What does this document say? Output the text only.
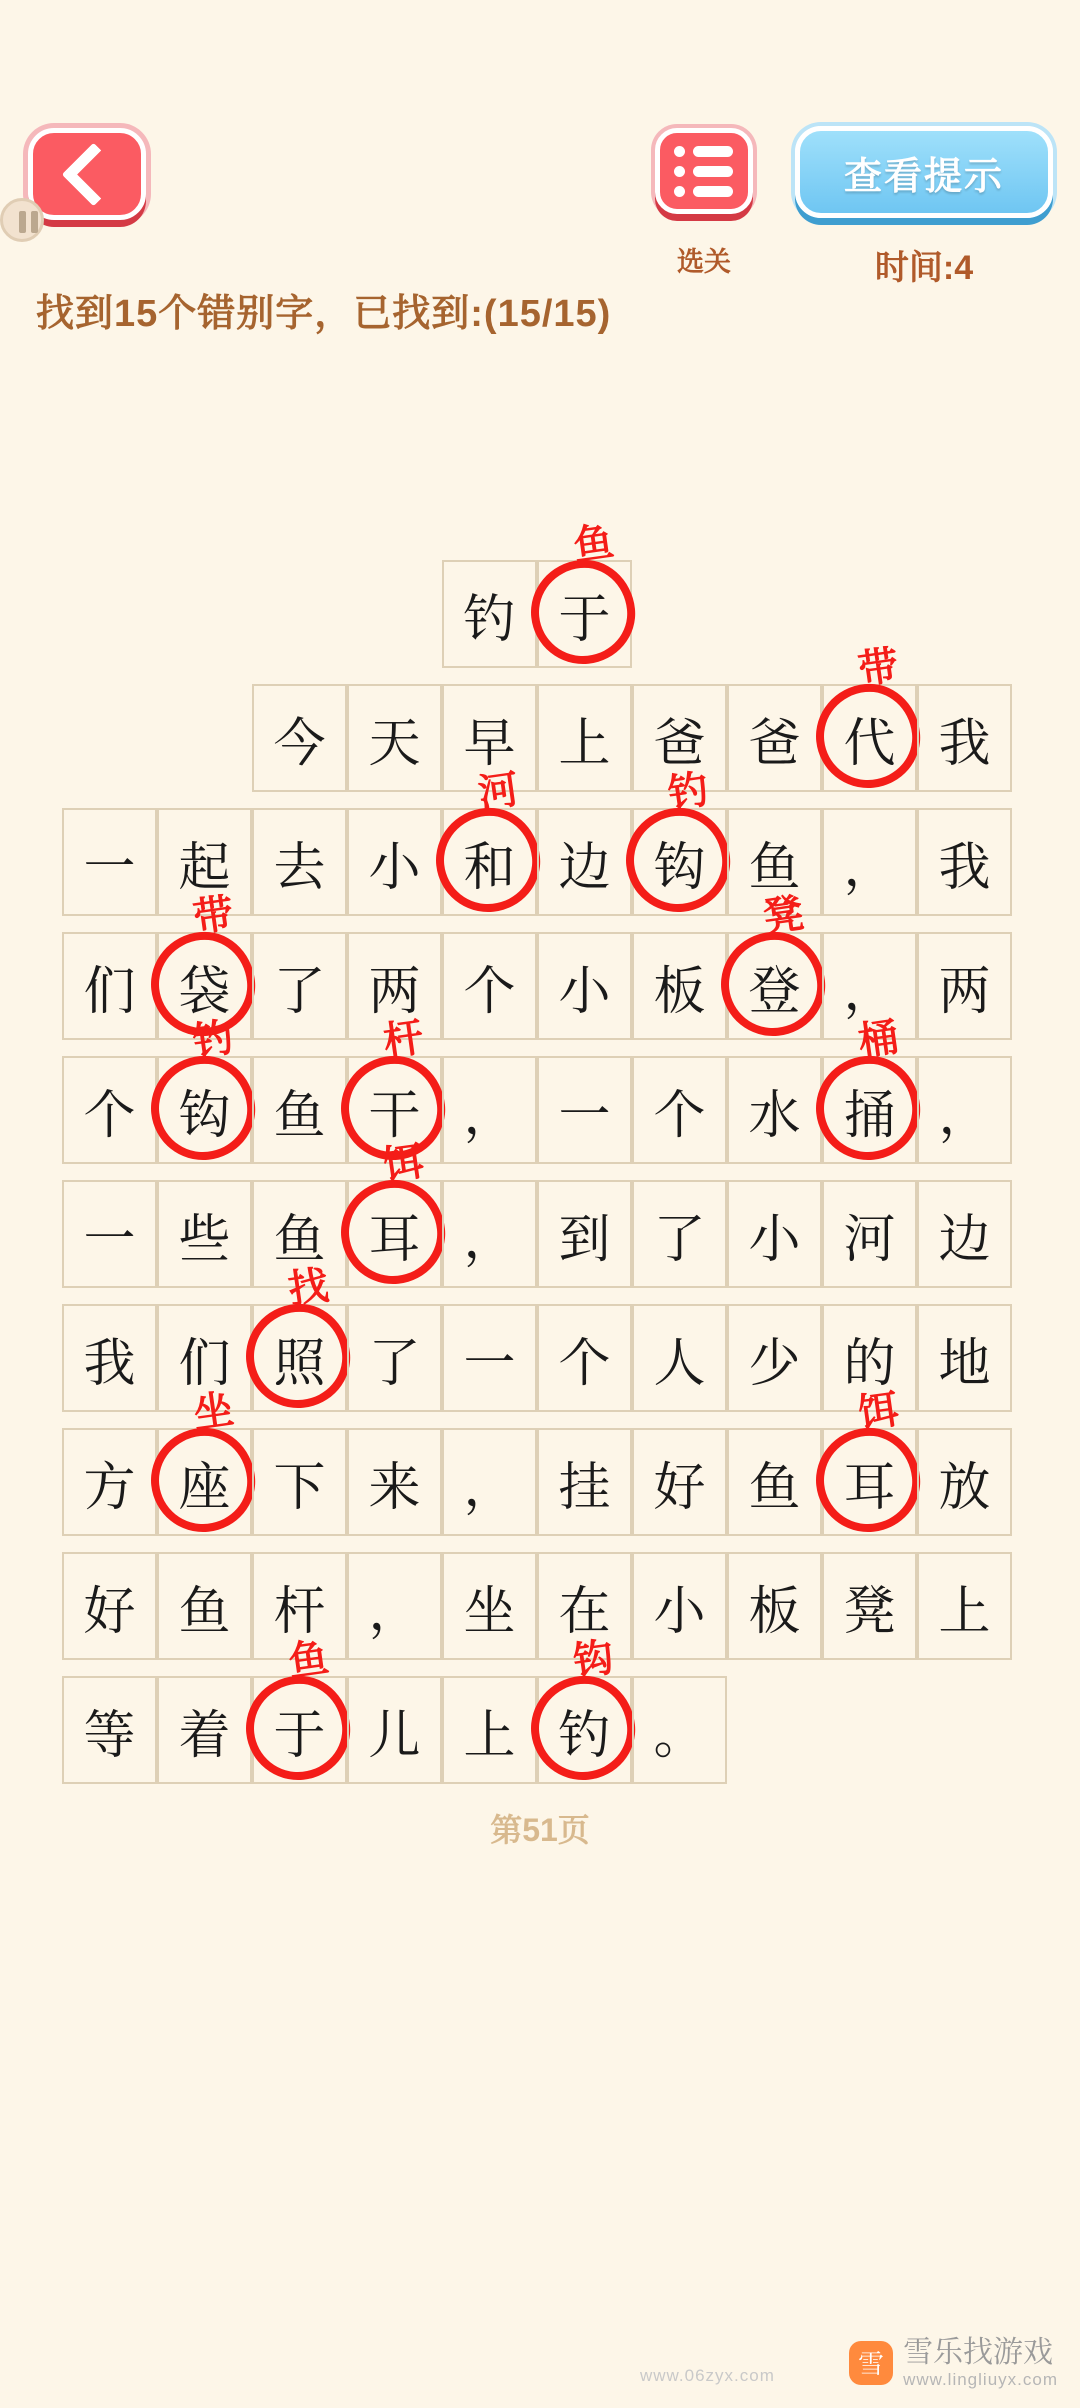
选关
查看提示
时间:4
找到15个错别字，已找到:(15/15)
钓 于
鱼
今 天 早 上 爸 爸 代
带
我
一 起 去 小 和
河
边 钩
钓
鱼 ， 我
们 袋
带
了 两 个 小 板 登
凳
， 两
个 钩
钓
鱼 干
杆
， 一 个 水 捅
桶
，
一 些 鱼 耳
饵
， 到 了 小 河 边
我 们 照
找
了 一 个 人 少 的 地
方 座
坐
下 来 ， 挂 好 鱼 耳
饵
放
好 鱼 杆 ， 坐 在 小 板 凳 上
等 着 于
鱼
儿 上 钓
钩
。
第51页
www.06zyx.com	雪 雪乐找游戏
www.lingliuyx.com
